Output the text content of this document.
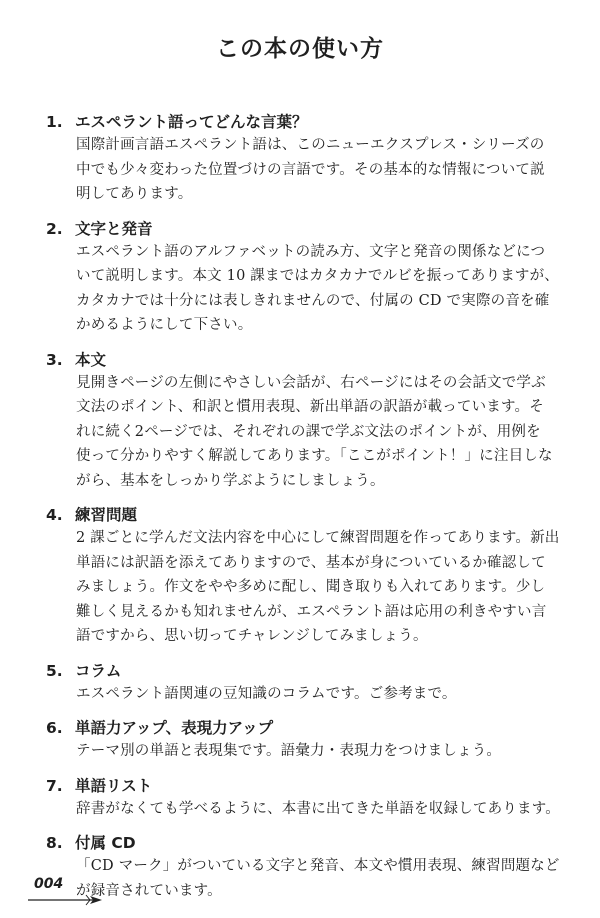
この本の使い方
1. エスペラント語ってどんな言葉？
国際計画言語エスペラント語は、このニューエクスプレス・シリーズの
中でも少々変わった位置づけの言語です。その基本的な情報について説
明してあります。
2. 文字と発音
エスペラント語のアルファベットの読み方、文字と発音の関係などにつ
いて説明します。本文 10 課まではカタカナでルビを振ってありますが、
カタカナでは十分には表しきれませんので、付属の CD で実際の音を確
かめるようにして下さい。
3. 本文
見開きページの左側にやさしい会話が、右ページにはその会話文で学ぶ
文法のポイント、和訳と慣用表現、新出単語の訳語が載っています。そ
れに続く2ページでは、それぞれの課で学ぶ文法のポイントが、用例を
使って分かりやすく解説してあります。「ここがポイント！」に注目しな
がら、基本をしっかり学ぶようにしましょう。
4. 練習問題
2 課ごとに学んだ文法内容を中心にして練習問題を作ってあります。新出
単語には訳語を添えてありますので、基本が身についているか確認して
みましょう。作文をやや多めに配し、聞き取りも入れてあります。少し
難しく見えるかも知れませんが、エスペラント語は応用の利きやすい言
語ですから、思い切ってチャレンジしてみましょう。
5. コラム
エスペラント語関連の豆知識のコラムです。ご参考まで。
6. 単語力アップ、表現力アップ
テーマ別の単語と表現集です。語彙力・表現力をつけましょう。
7. 単語リスト
辞書がなくても学べるように、本書に出てきた単語を収録してあります。
8. 付属 CD
「CD マーク」がついている文字と発音、本文や慣用表現、練習問題など
が録音されています。
004
